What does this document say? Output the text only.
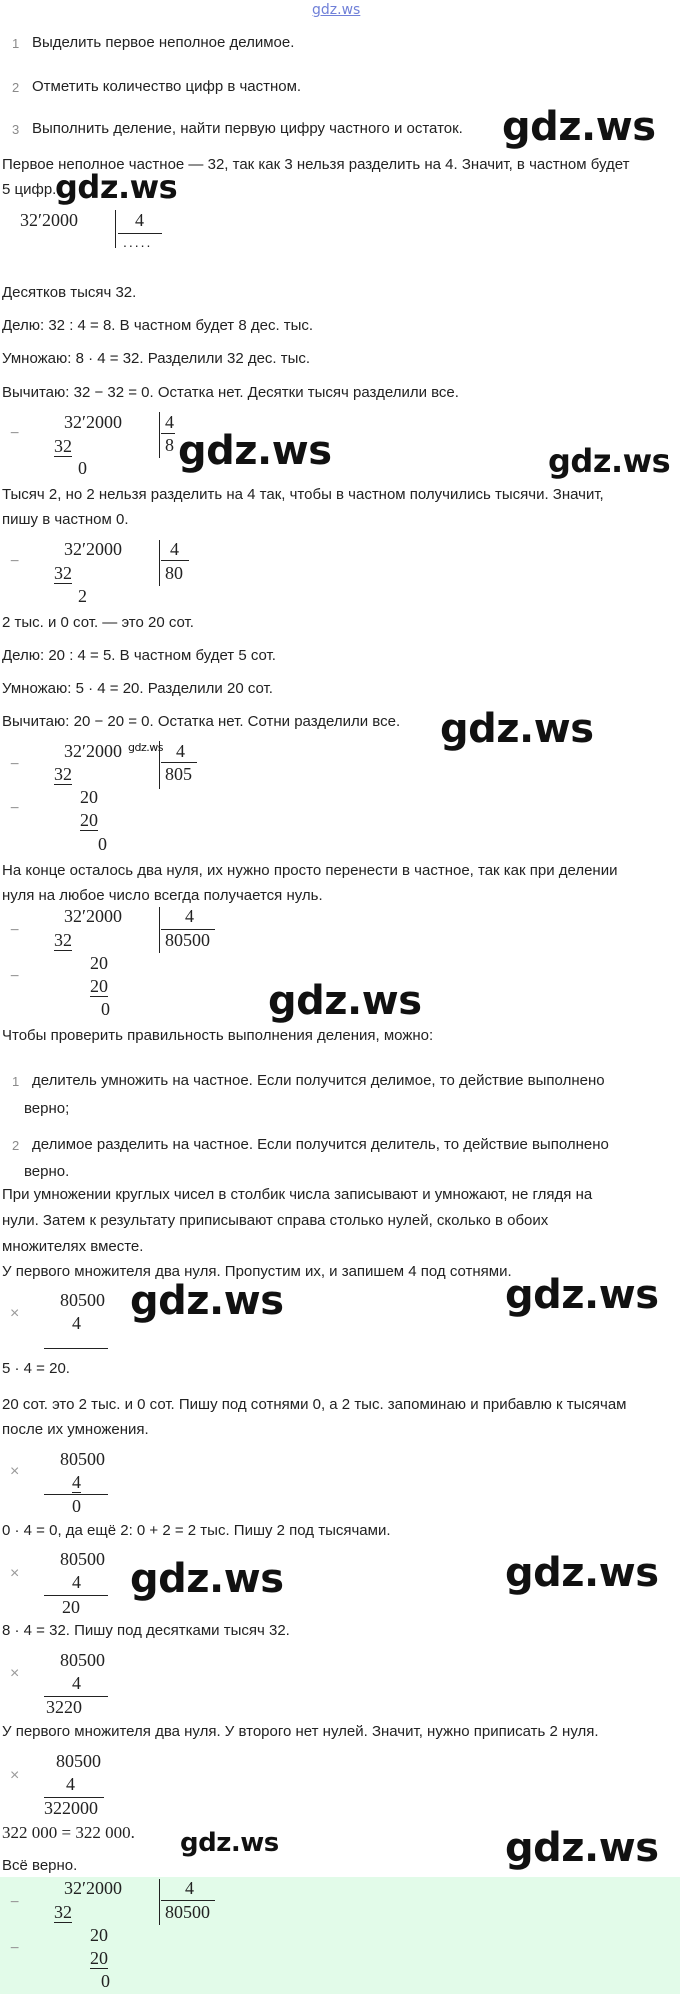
gdz.ws
1 Выделить первое неполное делимое.
2 Отметить количество цифр в частном.
3 Выполнить деление, найти первую цифру частного и остаток. gdz.ws
Первое неполное частное — 32, так как 3 нельзя разделить на 4. Значит, в частном будет
5 цифр.
gdz.ws
32′2000	4
.....
Десятков тысяч 32.
Делю: 32 : 4 = 8. В частном будет 8 дес. тыс.
Умножаю: 8 · 4 = 32. Разделили 32 дес. тыс.
Вычитаю: 32 − 32 = 0. Остатка нет. Десятки тысяч разделили все.
−
32′2000
32
0
4
8 gdz.ws	gdz.ws
Тысяч 2, но 2 нельзя разделить на 4 так, чтобы в частном получились тысячи. Значит,
пишу в частном 0.
−
32′2000
32
2
4
80
2 тыс. и 0 сот. — это 20 сот.
Делю: 20 : 4 = 5. В частном будет 5 сот.
Умножаю: 5 · 4 = 20. Разделили 20 сот.
Вычитаю: 20 − 20 = 0. Остатка нет. Сотни разделили все. gdz.ws
−
32′2000 gdz.ws
32
−
20
20
0
4
805
На конце осталось два нуля, их нужно просто перенести в частное, так как при делении
нуля на любое число всегда получается нуль.
−
32′2000
32
−
20
20
0
4
80500
gdz.ws
Чтобы проверить правильность выполнения деления, можно:
1 делитель умножить на частное. Если получится делимое, то действие выполнено
верно;
2 делимое разделить на частное. Если получится делитель, то действие выполнено
верно.
При умножении круглых чисел в столбик числа записывают и умножают, не глядя на
нули. Затем к результату приписывают справа столько нулей, сколько в обоих
множителях вместе.
У первого множителя два нуля. Пропустим их, и запишем 4 под сотнями.
×
80500
4 gdz.ws	gdz.ws
5 · 4 = 20.
20 сот. это 2 тыс. и 0 сот. Пишу под сотнями 0, а 2 тыс. запоминаю и прибавлю к тысячам
после их умножения.
×
80500
4
0
0 · 4 = 0, да ещё 2: 0 + 2 = 2 тыс. Пишу 2 под тысячами.
×
80500
4
20
gdz.ws	gdz.ws
8 · 4 = 32. Пишу под десятками тысяч 32.
×
80500
4
3220
У первого множителя два нуля. У второго нет нулей. Значит, нужно приписать 2 нуля.
×
80500
4
322000
322 000 = 322 000. gdz.ws	gdz.ws
Всё верно.
−
32′2000
32
−
20
20
0
4
80500
